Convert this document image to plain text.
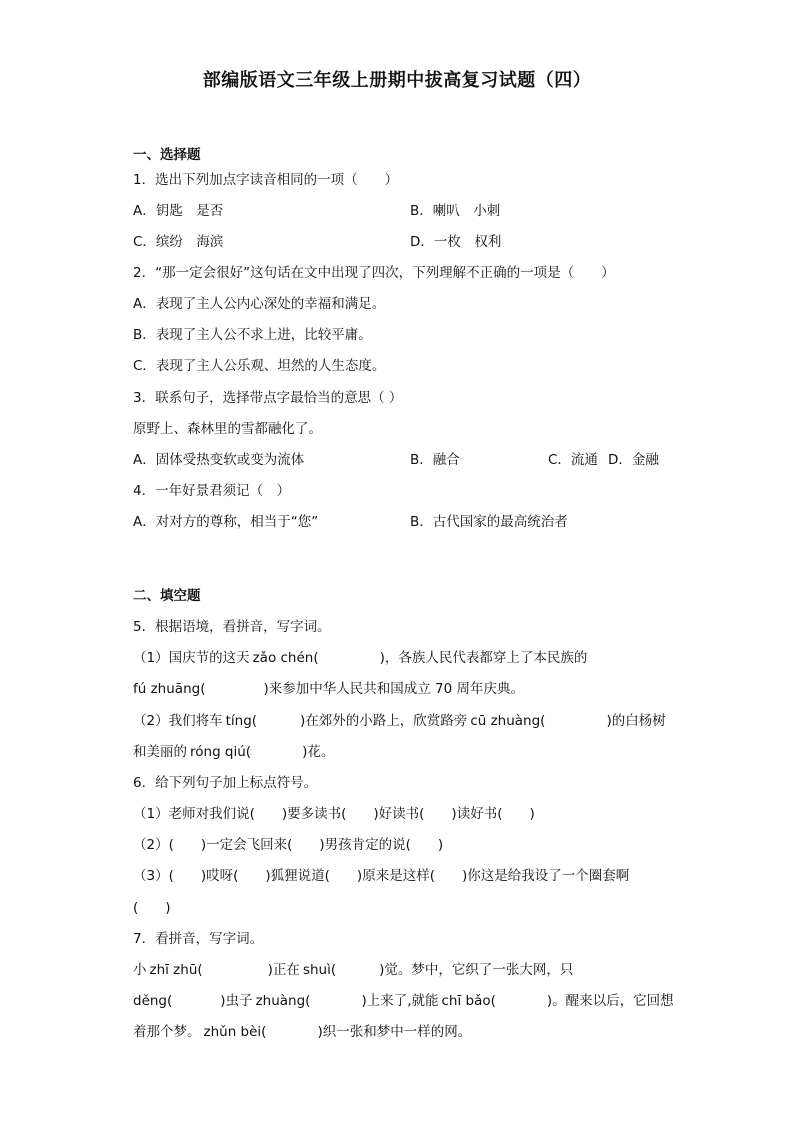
部编版语文三年级上册期中拔高复习试题（四）
一、选择题
1．选出下列加点字读音相同的一项（　　）
A．钥匙　是否	B．喇叭　小刺
C．缤纷　海滨	D．一枚　权利
2．“那一定会很好”这句话在文中出现了四次，下列理解不正确的一项是（　　）
A．表现了主人公内心深处的幸福和满足。
B．表现了主人公不求上进，比较平庸。
C．表现了主人公乐观、坦然的人生态度。
3．联系句子，选择带点字最恰当的意思（ ）
原野上、森林里的雪都融化了。
A．固体受热变软或变为流体	B．融合	C．流通 D．金融
4．一年好景君须记（　）
A．对对方的尊称，相当于“您”	B．古代国家的最高统治者
二、填空题
5．根据语境，看拼音，写字词。
（1）国庆节的这天 zǎo chén(	)，各族人民代表都穿上了本民族的
fú zhuāng(	)来参加中华人民共和国成立 70 周年庆典。
（2）我们将车 tíng(	)在郊外的小路上，欣赏路旁 cū zhuàng(	)的白杨树
和美丽的 róng qiú(	)花。
6．给下列句子加上标点符号。
（1）老师对我们说(　　)要多读书(　　)好读书(　　)读好书(　　)
（2）(　　)一定会飞回来(　　)男孩肯定的说(　　)
（3）(　　)哎呀(　　)狐狸说道(　　)原来是这样(　　)你这是给我设了一个圈套啊
(　　)
7．看拼音，写字词。
小 zhī zhū(	)正在 shuì(	)觉。梦中，它织了一张大网，只
děng(	)虫子 zhuàng(	)上来了,就能 chī bǎo(	)。醒来以后，它回想
着那个梦。 zhǔn bèi(	)织一张和梦中一样的网。
